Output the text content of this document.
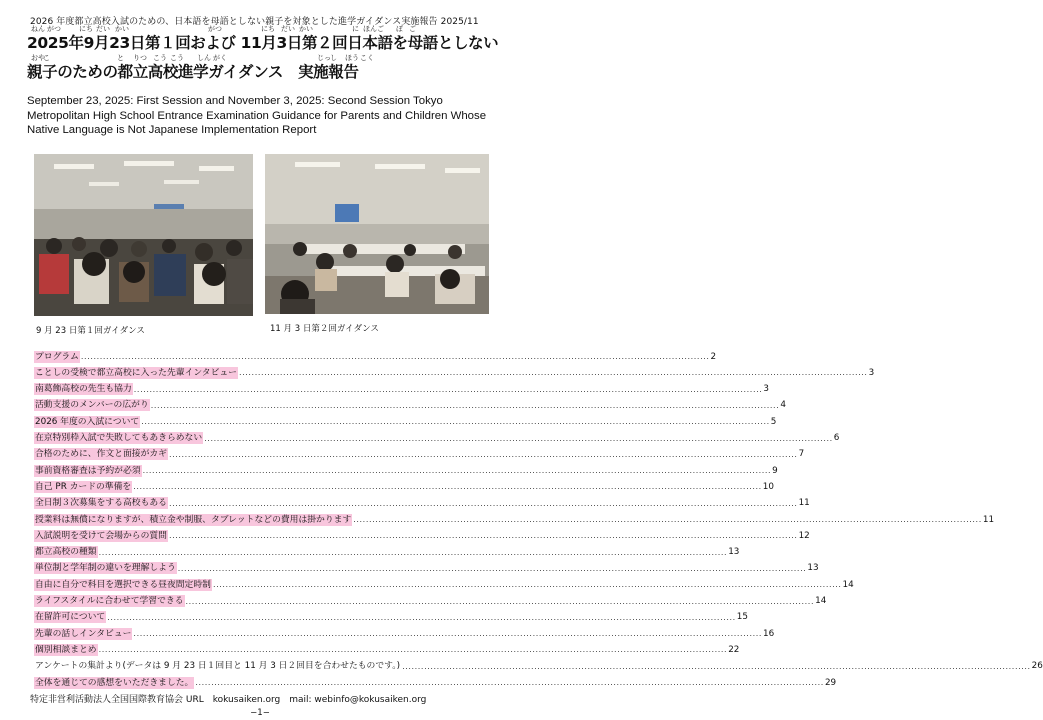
2026 年度都立高校入試のための、日本語を母語としない親子を対象とした進学ガイダンス実施報告 2025/11
ねん がつ	にち だい かい	がつ	にち だい かい	に ほん ご ぼ ご
2025年9月23日第１回および 11月3日第２回日本語を母語としない
おや
こ	と りつ こう こう しん がく	じっ し ほう こく
親子のための都立高校進学ガイダンス　実施報告
September 23, 2025: First Session and November 3, 2025: Second Session Tokyo Metropolitan High School Entrance Examination Guidance for Parents and Children Whose Native Language is Not Japanese Implementation Report
9 月 23 日第１回ガイダンス	11 月 3 日第２回ガイダンス
プログラム ........................................................................................................................................................................................................ 2
ことしの受検で都立高校に入った先輩インタビュー ........................................................................................................................................................................................................ 3
南葛飾高校の先生も協力 ........................................................................................................................................................................................................ 3
活動支援のメンバーの広がり ........................................................................................................................................................................................................ 4
2026 年度の入試について ........................................................................................................................................................................................................ 5
在京特別枠入試で失敗してもあきらめない ........................................................................................................................................................................................................ 6
合格のために、作文と面接がカギ ........................................................................................................................................................................................................ 7
事前資格審査は予約が必須 ........................................................................................................................................................................................................ 9
自己 PR カードの準備を ........................................................................................................................................................................................................ 10
全日制３次募集をする高校もある ........................................................................................................................................................................................................ 11
授業料は無償になりますが、積立金や制服、タブレットなどの費用は掛かります ........................................................................................................................................................................................................ 11
入試説明を受けて会場からの質問 ........................................................................................................................................................................................................ 12
都立高校の種類 ........................................................................................................................................................................................................ 13
単位制と学年制の違いを理解しよう ........................................................................................................................................................................................................ 13
自由に自分で科目を選択できる昼夜間定時制 ........................................................................................................................................................................................................ 14
ライフスタイルに合わせて学習できる ........................................................................................................................................................................................................ 14
在留許可について ........................................................................................................................................................................................................ 15
先輩の話しインタビュー ........................................................................................................................................................................................................ 16
個別相談まとめ ........................................................................................................................................................................................................ 22
アンケートの集計より(データは 9 月 23 日１回目と 11 月 3 日２回目を合わせたものです。) ........................................................................................................................................................................................................ 26
全体を通じての感想をいただきました。 ........................................................................................................................................................................................................ 29
特定非営利活動法人全国国際教育協会 URL　kokusaiken.org　mail: webinfo@kokusaiken.org
−1−
